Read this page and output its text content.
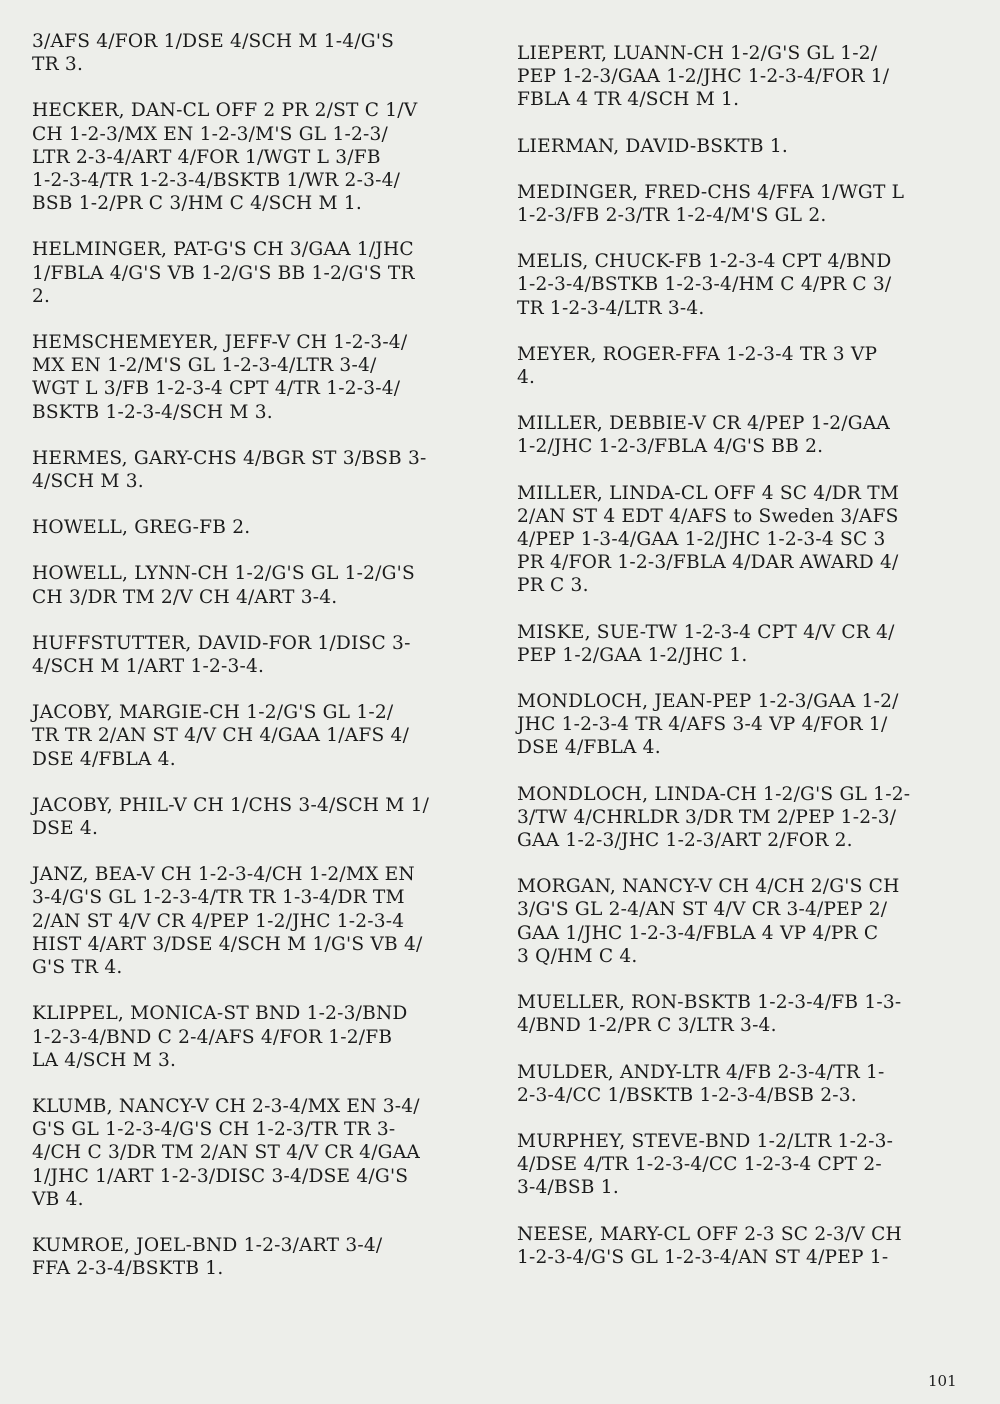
3/AFS 4/FOR 1/DSE 4/SCH M 1-4/G'S
TR 3.

HECKER, DAN-CL OFF 2 PR 2/ST C 1/V
CH 1-2-3/MX EN 1-2-3/M'S GL 1-2-3/
LTR 2-3-4/ART 4/FOR 1/WGT L 3/FB
1-2-3-4/TR 1-2-3-4/BSKTB 1/WR 2-3-4/
BSB 1-2/PR C 3/HM C 4/SCH M 1.

HELMINGER, PAT-G'S CH 3/GAA 1/JHC
1/FBLA 4/G'S VB 1-2/G'S BB 1-2/G'S TR
2.

HEMSCHEMEYER, JEFF-V CH 1-2-3-4/
MX EN 1-2/M'S GL 1-2-3-4/LTR 3-4/
WGT L 3/FB 1-2-3-4 CPT 4/TR 1-2-3-4/
BSKTB 1-2-3-4/SCH M 3.

HERMES, GARY-CHS 4/BGR ST 3/BSB 3-
4/SCH M 3.

HOWELL, GREG-FB 2.

HOWELL, LYNN-CH 1-2/G'S GL 1-2/G'S
CH 3/DR TM 2/V CH 4/ART 3-4.

HUFFSTUTTER, DAVID-FOR 1/DISC 3-
4/SCH M 1/ART 1-2-3-4.

JACOBY, MARGIE-CH 1-2/G'S GL 1-2/
TR TR 2/AN ST 4/V CH 4/GAA 1/AFS 4/
DSE 4/FBLA 4.

JACOBY, PHIL-V CH 1/CHS 3-4/SCH M 1/
DSE 4.

JANZ, BEA-V CH 1-2-3-4/CH 1-2/MX EN
3-4/G'S GL 1-2-3-4/TR TR 1-3-4/DR TM
2/AN ST 4/V CR 4/PEP 1-2/JHC 1-2-3-4
HIST 4/ART 3/DSE 4/SCH M 1/G'S VB 4/
G'S TR 4.

KLIPPEL, MONICA-ST BND 1-2-3/BND
1-2-3-4/BND C 2-4/AFS 4/FOR 1-2/FB
LA 4/SCH M 3.

KLUMB, NANCY-V CH 2-3-4/MX EN 3-4/
G'S GL 1-2-3-4/G'S CH 1-2-3/TR TR 3-
4/CH C 3/DR TM 2/AN ST 4/V CR 4/GAA
1/JHC 1/ART 1-2-3/DISC 3-4/DSE 4/G'S
VB 4.

KUMROE, JOEL-BND 1-2-3/ART 3-4/
FFA 2-3-4/BSKTB 1.

LIEPERT, LUANN-CH 1-2/G'S GL 1-2/
PEP 1-2-3/GAA 1-2/JHC 1-2-3-4/FOR 1/
FBLA 4 TR 4/SCH M 1.

LIERMAN, DAVID-BSKTB 1.

MEDINGER, FRED-CHS 4/FFA 1/WGT L
1-2-3/FB 2-3/TR 1-2-4/M'S GL 2.

MELIS, CHUCK-FB 1-2-3-4 CPT 4/BND
1-2-3-4/BSTKB 1-2-3-4/HM C 4/PR C 3/
TR 1-2-3-4/LTR 3-4.

MEYER, ROGER-FFA 1-2-3-4 TR 3 VP
4.

MILLER, DEBBIE-V CR 4/PEP 1-2/GAA
1-2/JHC 1-2-3/FBLA 4/G'S BB 2.

MILLER, LINDA-CL OFF 4 SC 4/DR TM
2/AN ST 4 EDT 4/AFS to Sweden 3/AFS
4/PEP 1-3-4/GAA 1-2/JHC 1-2-3-4 SC 3
PR 4/FOR 1-2-3/FBLA 4/DAR AWARD 4/
PR C 3.

MISKE, SUE-TW 1-2-3-4 CPT 4/V CR 4/
PEP 1-2/GAA 1-2/JHC 1.

MONDLOCH, JEAN-PEP 1-2-3/GAA 1-2/
JHC 1-2-3-4 TR 4/AFS 3-4 VP 4/FOR 1/
DSE 4/FBLA 4.

MONDLOCH, LINDA-CH 1-2/G'S GL 1-2-
3/TW 4/CHRLDR 3/DR TM 2/PEP 1-2-3/
GAA 1-2-3/JHC 1-2-3/ART 2/FOR 2.

MORGAN, NANCY-V CH 4/CH 2/G'S CH
3/G'S GL 2-4/AN ST 4/V CR 3-4/PEP 2/
GAA 1/JHC 1-2-3-4/FBLA 4 VP 4/PR C
3 Q/HM C 4.

MUELLER, RON-BSKTB 1-2-3-4/FB 1-3-
4/BND 1-2/PR C 3/LTR 3-4.

MULDER, ANDY-LTR 4/FB 2-3-4/TR 1-
2-3-4/CC 1/BSKTB 1-2-3-4/BSB 2-3.

MURPHEY, STEVE-BND 1-2/LTR 1-2-3-
4/DSE 4/TR 1-2-3-4/CC 1-2-3-4 CPT 2-
3-4/BSB 1.

NEESE, MARY-CL OFF 2-3 SC 2-3/V CH
1-2-3-4/G'S GL 1-2-3-4/AN ST 4/PEP 1-

101
